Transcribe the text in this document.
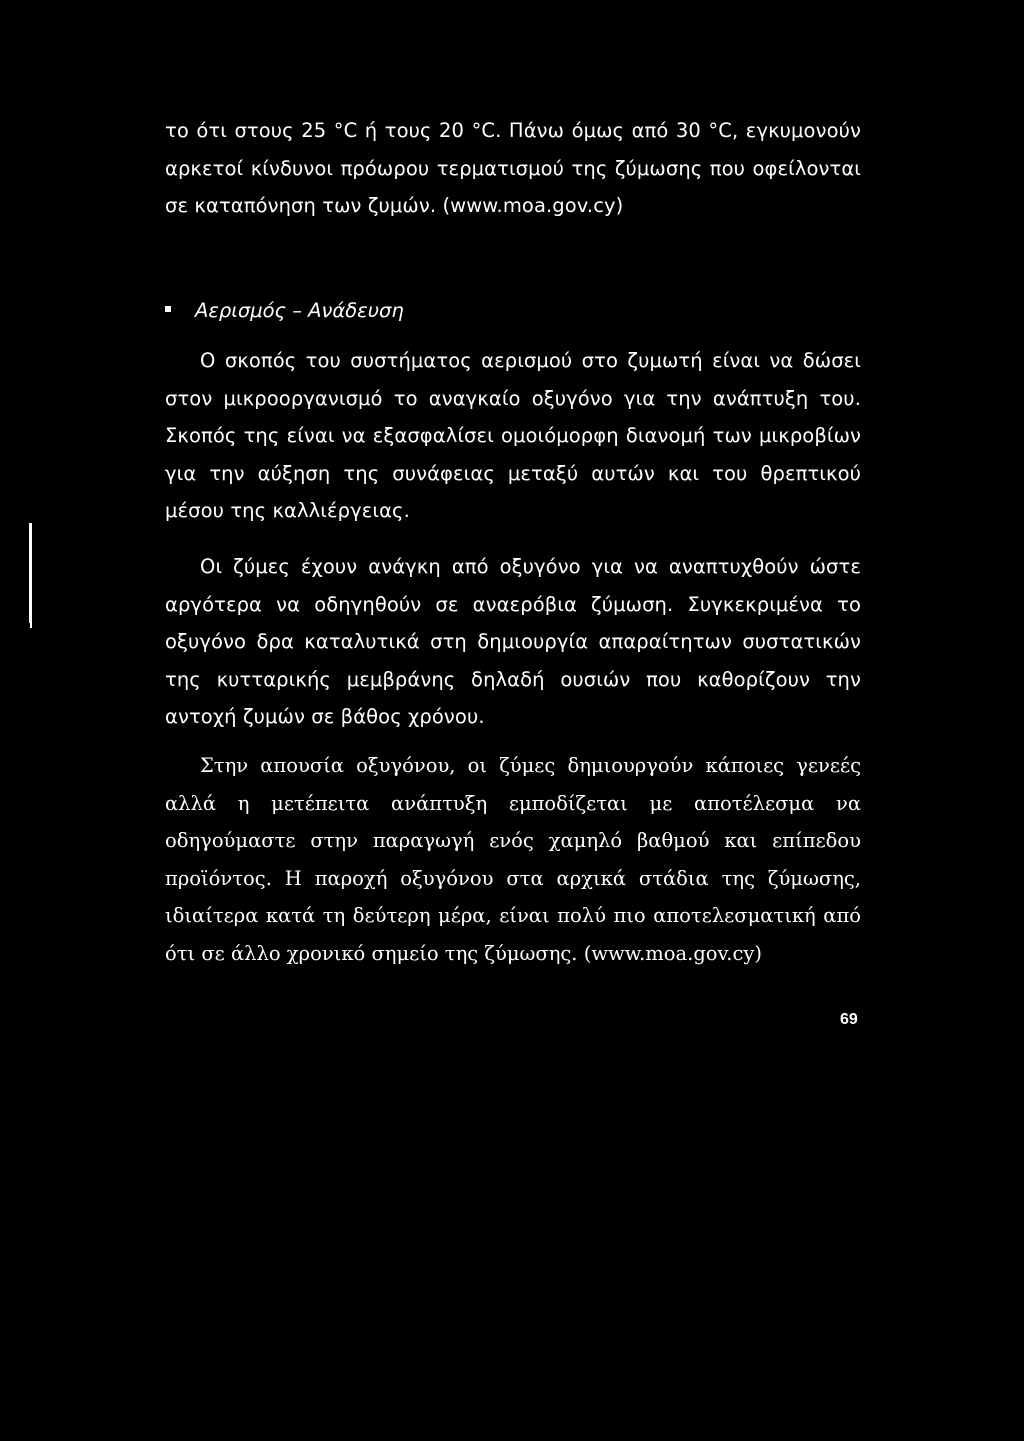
το ότι στους 25 °C ή τους 20 °C. Πάνω όμως από 30 °C, εγκυμονούν αρκετοί κίνδυνοι πρόωρου τερματισμού της ζύμωσης που οφείλονται σε καταπόνηση των ζυμών. (www.moa.gov.cy)

Αερισμός – Ανάδευση

Ο σκοπός του συστήματος αερισμού στο ζυμωτή είναι να δώσει στον μικροοργανισμό το αναγκαίο οξυγόνο για την ανάπτυξη του. Σκοπός της είναι να εξασφαλίσει ομοιόμορφη διανομή των μικροβίων για την αύξηση της συνάφειας μεταξύ αυτών και του θρεπτικού μέσου της καλλιέργειας.

Οι ζύμες έχουν ανάγκη από οξυγόνο για να αναπτυχθούν ώστε αργότερα να οδηγηθούν σε αναερόβια ζύμωση. Συγκεκριμένα το οξυγόνο δρα καταλυτικά στη δημιουργία απαραίτητων συστατικών της κυτταρικής μεμβράνης δηλαδή ουσιών που καθορίζουν την αντοχή ζυμών σε βάθος χρόνου.

Στην απουσία οξυγόνου, οι ζύμες δημιουργούν κάποιες γενεές αλλά η μετέπειτα ανάπτυξη εμποδίζεται με αποτέλεσμα να οδηγούμαστε στην παραγωγή ενός χαμηλό βαθμού και επίπεδου προϊόντος. Η παροχή οξυγόνου στα αρχικά στάδια της ζύμωσης, ιδιαίτερα κατά τη δεύτερη μέρα, είναι πολύ πιο αποτελεσματική από ότι σε άλλο χρονικό σημείο της ζύμωσης. (www.moa.gov.cy)

69
